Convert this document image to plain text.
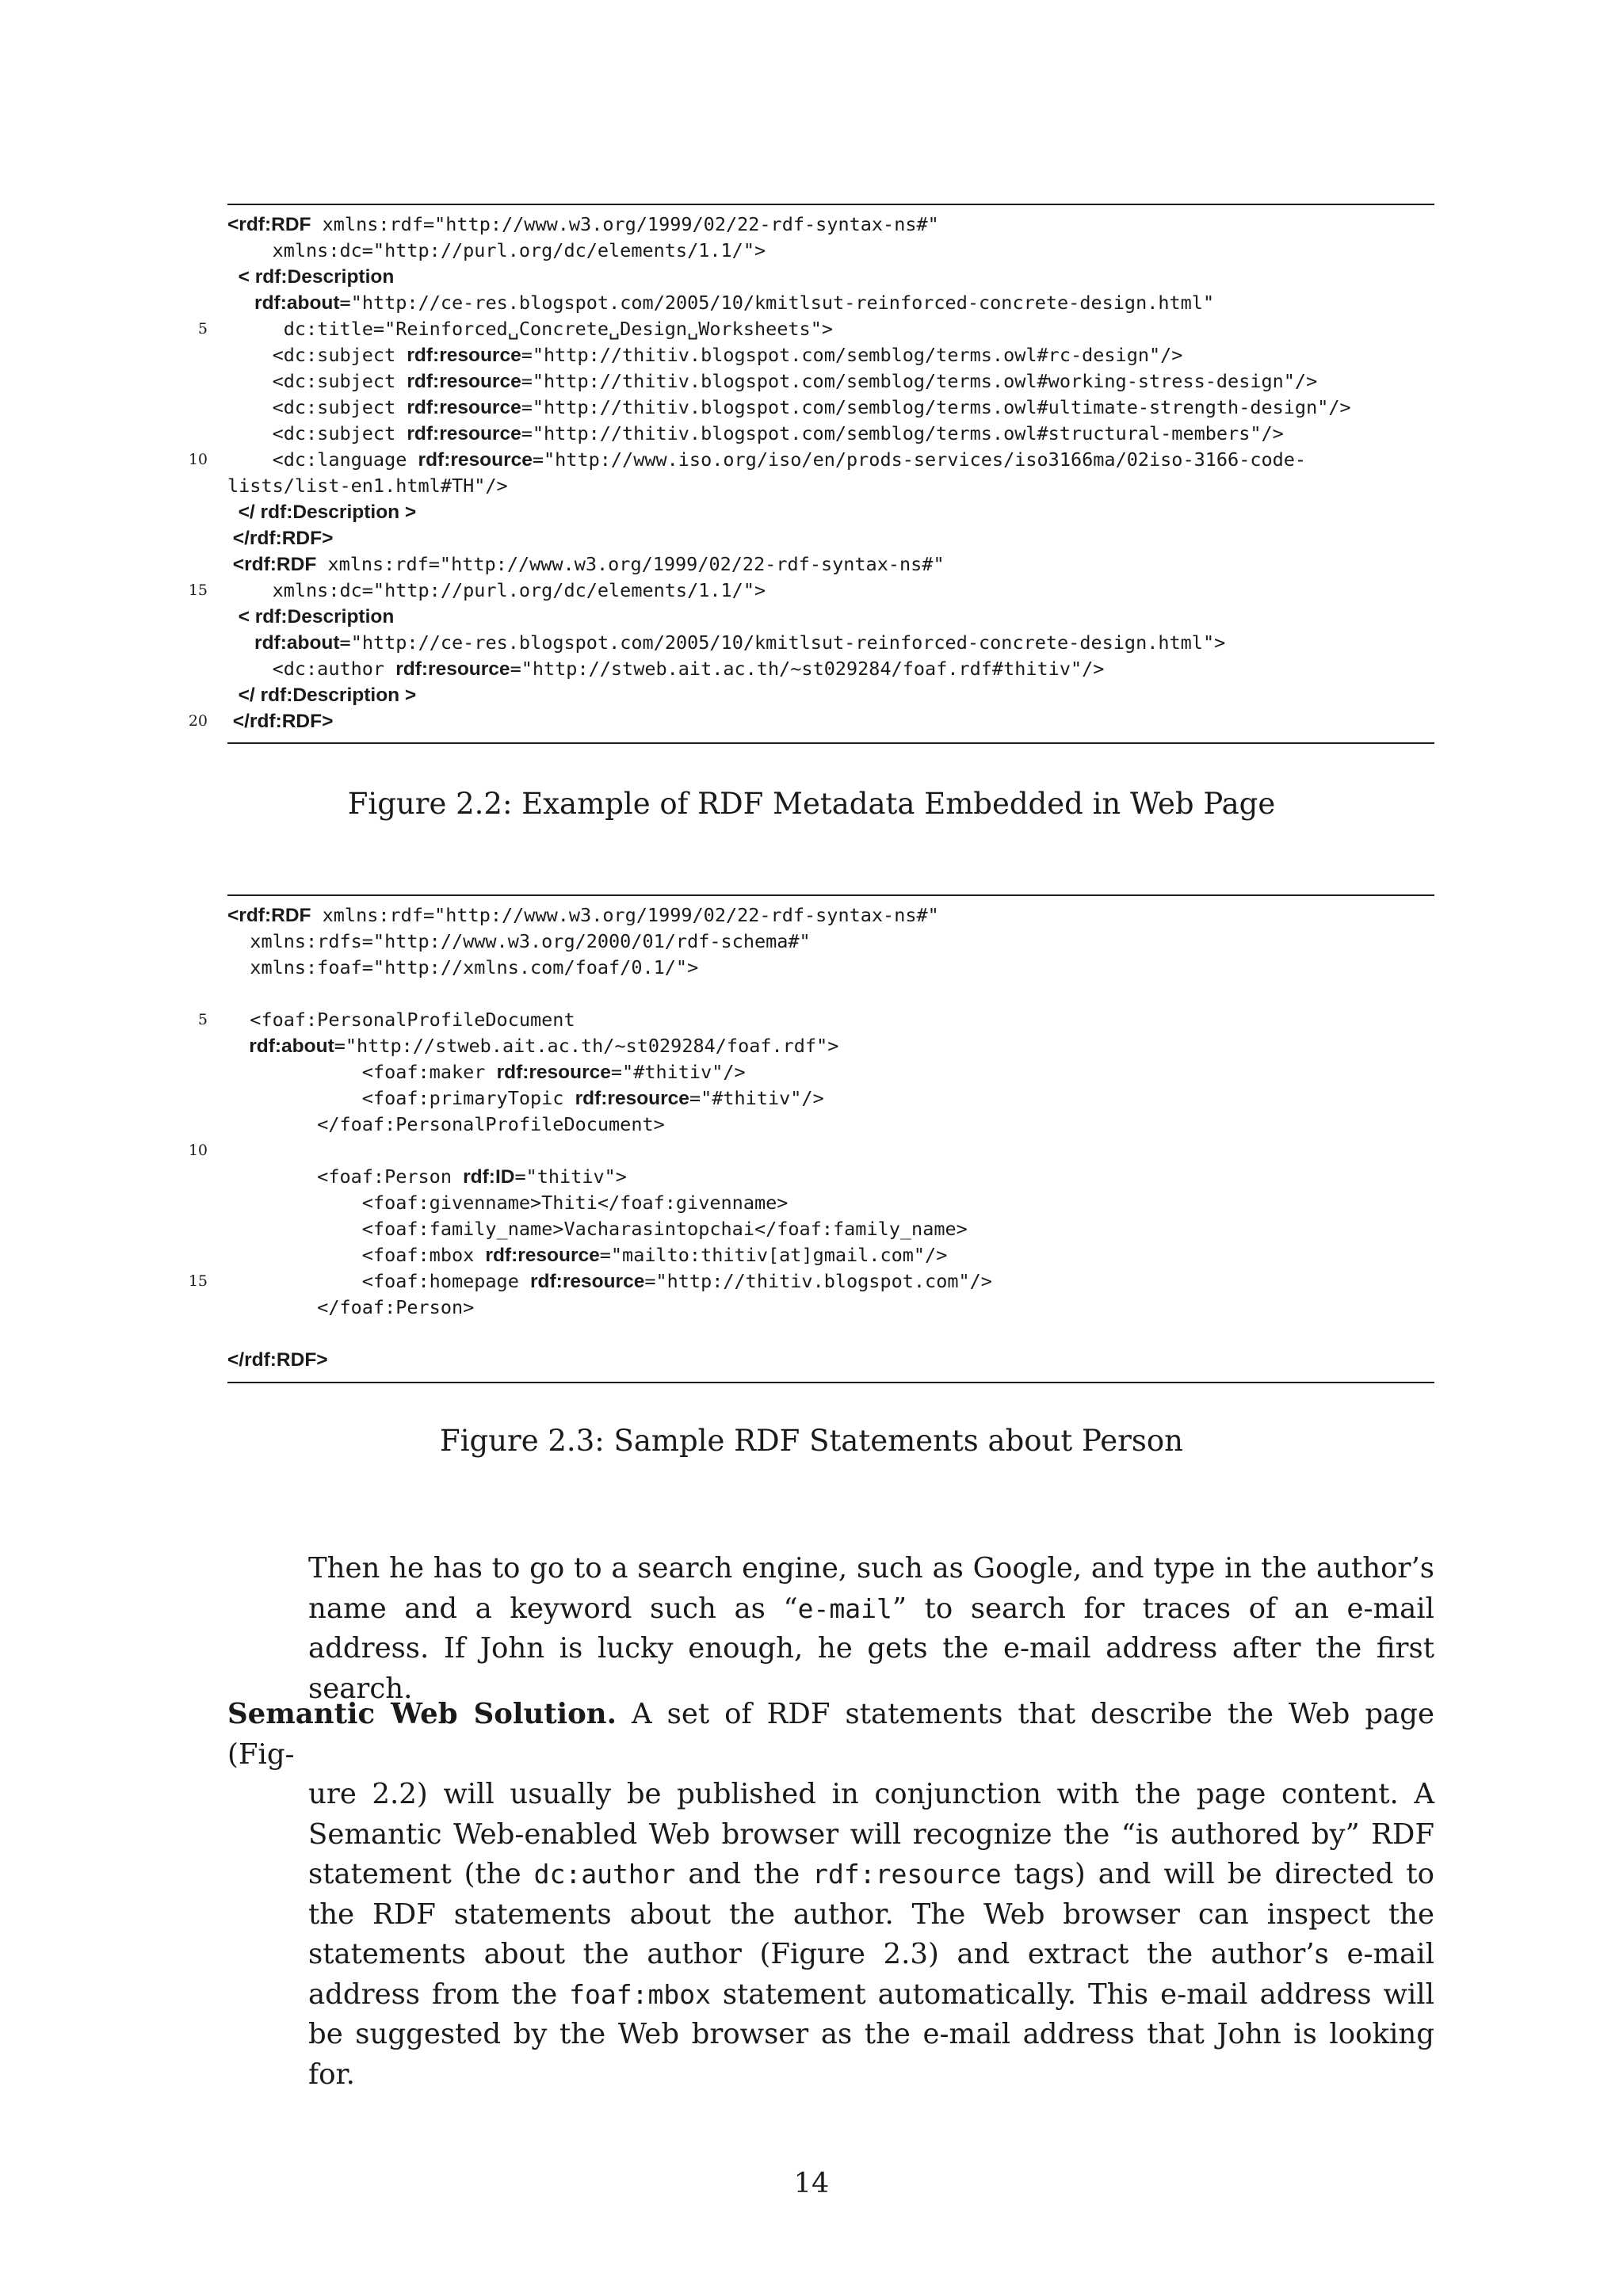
<rdf:RDF xmlns:rdf="http://www.w3.org/1999/02/22-rdf-syntax-ns#"
xmlns:dc="http://purl.org/dc/elements/1.1/">
< rdf:Description
rdf:about="http://ce-res.blogspot.com/2005/10/kmitlsut-reinforced-concrete-design.html"
dc:title="Reinforced␣Concrete␣Design␣Worksheets">
<dc:subject rdf:resource="http://thitiv.blogspot.com/semblog/terms.owl#rc-design"/>
<dc:subject rdf:resource="http://thitiv.blogspot.com/semblog/terms.owl#working-stress-design"/>
<dc:subject rdf:resource="http://thitiv.blogspot.com/semblog/terms.owl#ultimate-strength-design"/>
<dc:subject rdf:resource="http://thitiv.blogspot.com/semblog/terms.owl#structural-members"/>
<dc:language rdf:resource="http://www.iso.org/iso/en/prods-services/iso3166ma/02iso-3166-code-
lists/list-en1.html#TH"/>
</ rdf:Description >
</rdf:RDF>
<rdf:RDF xmlns:rdf="http://www.w3.org/1999/02/22-rdf-syntax-ns#"
xmlns:dc="http://purl.org/dc/elements/1.1/">
< rdf:Description
rdf:about="http://ce-res.blogspot.com/2005/10/kmitlsut-reinforced-concrete-design.html">
<dc:author rdf:resource="http://stweb.ait.ac.th/~st029284/foaf.rdf#thitiv"/>
</ rdf:Description >
</rdf:RDF>
5
10
15
20
Figure 2.2: Example of RDF Metadata Embedded in Web Page
<rdf:RDF xmlns:rdf="http://www.w3.org/1999/02/22-rdf-syntax-ns#"
xmlns:rdfs="http://www.w3.org/2000/01/rdf-schema#"
xmlns:foaf="http://xmlns.com/foaf/0.1/">
<foaf:PersonalProfileDocument
rdf:about="http://stweb.ait.ac.th/~st029284/foaf.rdf">
<foaf:maker rdf:resource="#thitiv"/>
<foaf:primaryTopic rdf:resource="#thitiv"/>
</foaf:PersonalProfileDocument>
<foaf:Person rdf:ID="thitiv">
<foaf:givenname>Thiti</foaf:givenname>
<foaf:family_name>Vacharasintopchai</foaf:family_name>
<foaf:mbox rdf:resource="mailto:thitiv[at]gmail.com"/>
<foaf:homepage rdf:resource="http://thitiv.blogspot.com"/>
</foaf:Person>
</rdf:RDF>
5
10
15
Figure 2.3: Sample RDF Statements about Person
Then he has to go to a search engine, such as Google, and type in the author’s name and a keyword such as “e-mail” to search for traces of an e-mail address. If John is lucky enough, he gets the e-mail address after the first search.
Semantic Web Solution. A set of RDF statements that describe the Web page (Fig-
ure 2.2) will usually be published in conjunction with the page content. A Semantic Web-enabled Web browser will recognize the “is authored by” RDF statement (the dc:author and the rdf:resource tags) and will be directed to the RDF statements about the author. The Web browser can inspect the statements about the author (Figure 2.3) and extract the author’s e-mail address from the foaf:mbox statement automatically. This e-mail address will be suggested by the Web browser as the e-mail address that John is looking for.
14
